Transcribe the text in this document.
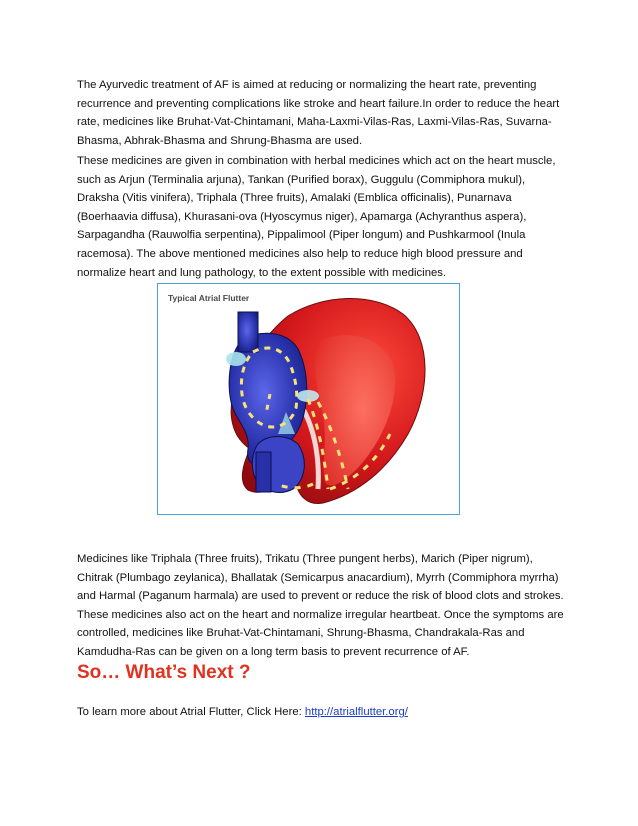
The Ayurvedic treatment of AF is aimed at reducing or normalizing the heart rate, preventing recurrence and preventing complications like stroke and heart failure.In order to reduce the heart rate, medicines like Bruhat-Vat-Chintamani, Maha-Laxmi-Vilas-Ras, Laxmi-Vilas-Ras, Suvarna-Bhasma, Abhrak-Bhasma and Shrung-Bhasma are used.

These medicines are given in combination with herbal medicines which act on the heart muscle, such as Arjun (Terminalia arjuna), Tankan (Purified borax), Guggulu (Commiphora mukul), Draksha (Vitis vinifera), Triphala (Three fruits), Amalaki (Emblica officinalis), Punarnava (Boerhaavia diffusa), Khurasani-ova (Hyoscymus niger), Apamarga (Achyranthus aspera), Sarpagandha (Rauwolfia serpentina), Pippalimool (Piper longum) and Pushkarmool (Inula racemosa). The above mentioned medicines also help to reduce high blood pressure and normalize heart and lung pathology, to the extent possible with medicines.

Typical Atrial Flutter

Medicines like Triphala (Three fruits), Trikatu (Three pungent herbs), Marich (Piper nigrum), Chitrak (Plumbago zeylanica), Bhallatak (Semicarpus anacardium), Myrrh (Commiphora myrrha) and Harmal (Paganum harmala) are used to prevent or reduce the risk of blood clots and strokes. These medicines also act on the heart and normalize irregular heartbeat. Once the symptoms are controlled, medicines like Bruhat-Vat-Chintamani, Shrung-Bhasma, Chandrakala-Ras and Kamdudha-Ras can be given on a long term basis to prevent recurrence of AF.

So… What’s Next ?

To learn more about Atrial Flutter, Click Here: http://atrialflutter.org/
